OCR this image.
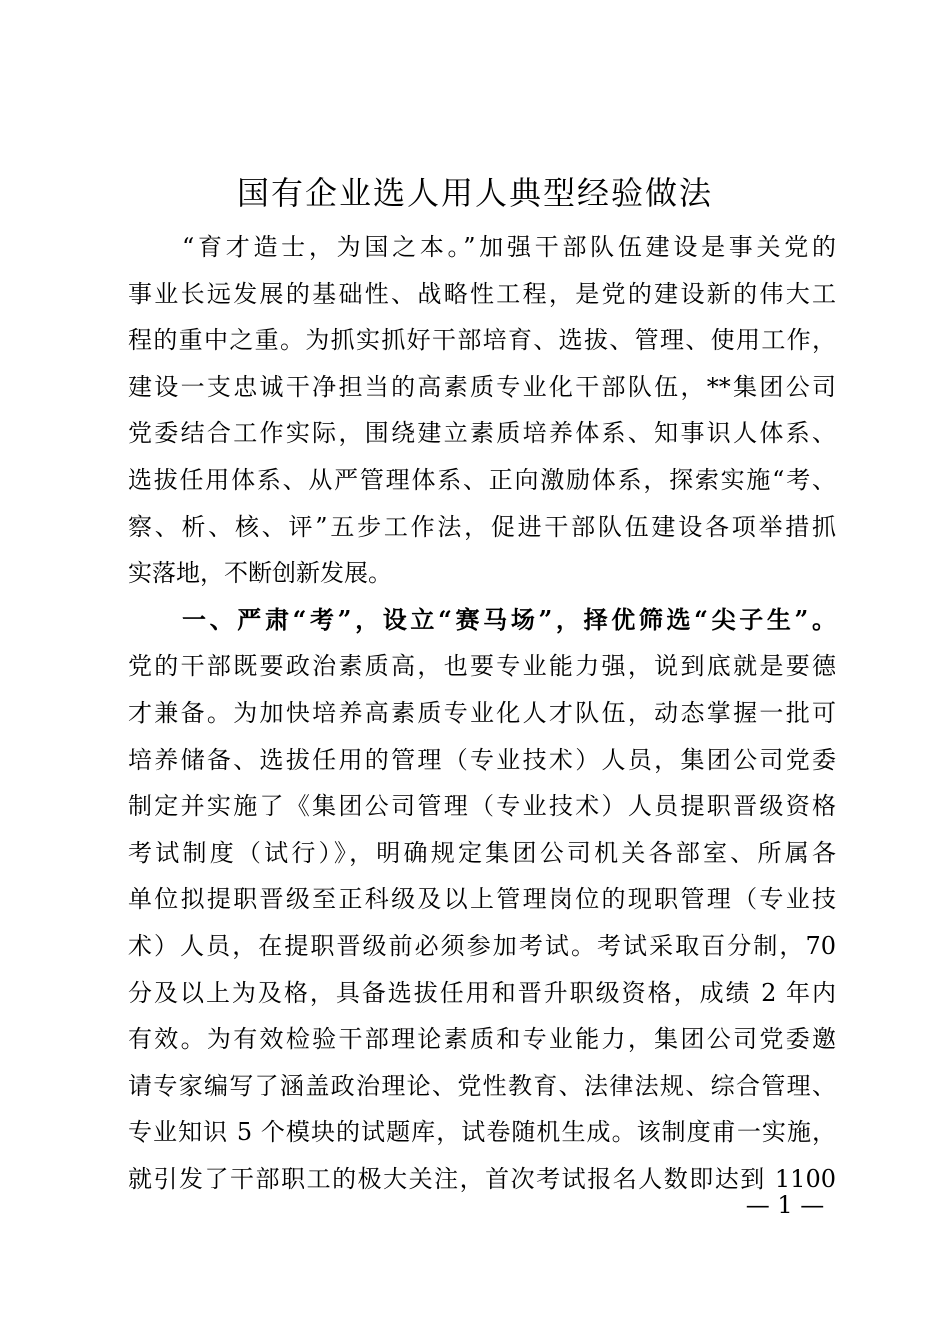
国有企业选人用人典型经验做法
“育才造士，为国之本。”加强干部队伍建设是事关党的
事业长远发展的基础性、战略性工程，是党的建设新的伟大工
程的重中之重。为抓实抓好干部培育、选拔、管理、使用工作，
建设一支忠诚干净担当的高素质专业化干部队伍，**集团公司
党委结合工作实际，围绕建立素质培养体系、知事识人体系、
选拔任用体系、从严管理体系、正向激励体系，探索实施“考、
察、析、核、评”五步工作法，促进干部队伍建设各项举措抓
实落地，不断创新发展。
一、严肃“考”，设立“赛马场”，择优筛选“尖子生”。
党的干部既要政治素质高，也要专业能力强，说到底就是要德
才兼备。为加快培养高素质专业化人才队伍，动态掌握一批可
培养储备、选拔任用的管理（专业技术）人员，集团公司党委
制定并实施了《集团公司管理（专业技术）人员提职晋级资格
考试制度（试行）》，明确规定集团公司机关各部室、所属各
单位拟提职晋级至正科级及以上管理岗位的现职管理（专业技
术）人员，在提职晋级前必须参加考试。考试采取百分制，70
分及以上为及格，具备选拔任用和晋升职级资格，成绩 2 年内
有效。为有效检验干部理论素质和专业能力，集团公司党委邀
请专家编写了涵盖政治理论、党性教育、法律法规、综合管理、
专业知识 5 个模块的试题库，试卷随机生成。该制度甫一实施，
就引发了干部职工的极大关注，首次考试报名人数即达到 1100
— 1 —
